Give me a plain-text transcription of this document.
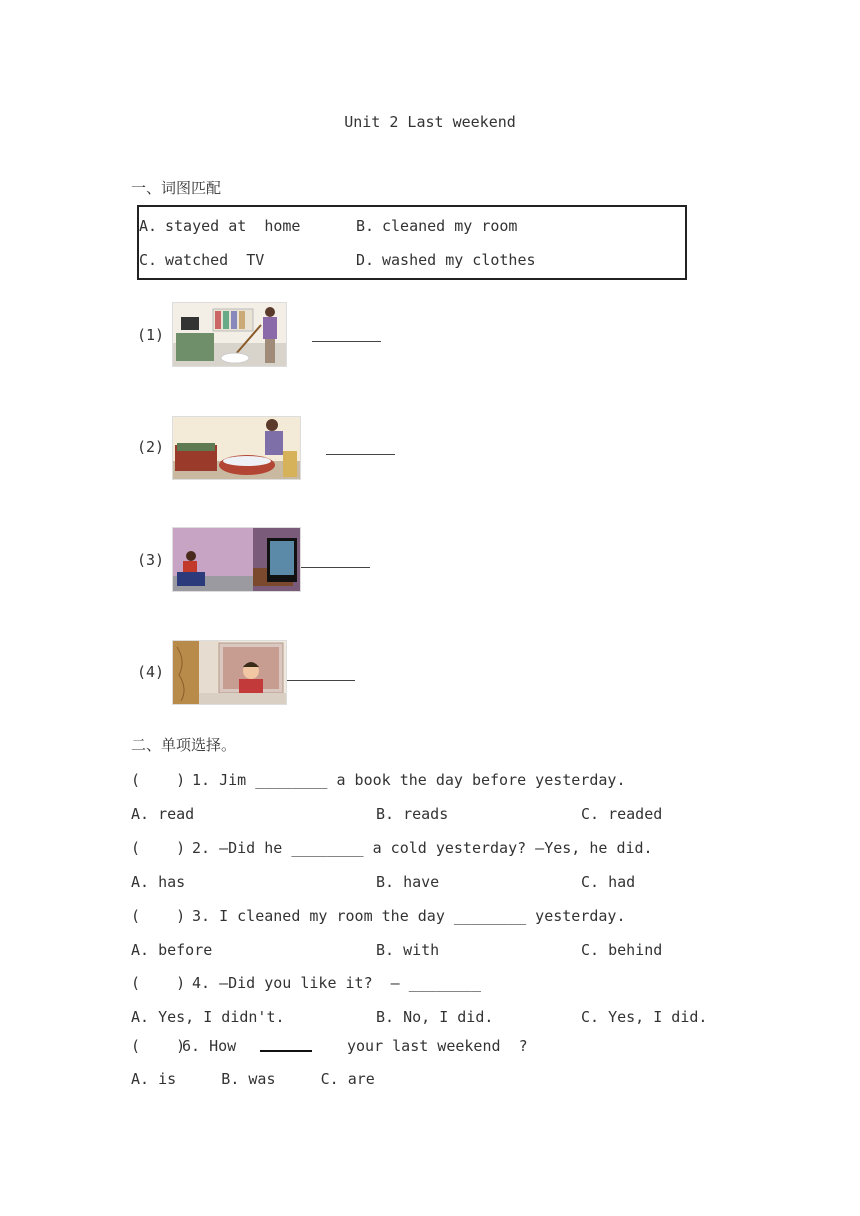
Unit 2 Last weekend
一、词图匹配
A. stayed at  home	B. cleaned my room
C. watched  TV	D. washed my clothes
(1)
(2)
(3)
(4)
二、单项选择。
(    ) 1. Jim ________ a book the day before yesterday.
A. read	B. reads	C. readed
(    ) 2. —Did he ________ a cold yesterday? —Yes, he did.
A. has	B. have	C. had
(    ) 3. I cleaned my room the day ________ yesterday.
A. before	B. with	C. behind
(    ) 4. —Did you like it?  — ________
A. Yes, I didn't.	B. No, I did.	C. Yes, I did.
(    )
6. How	your last weekend  ?
A. is     B. was     C. are
